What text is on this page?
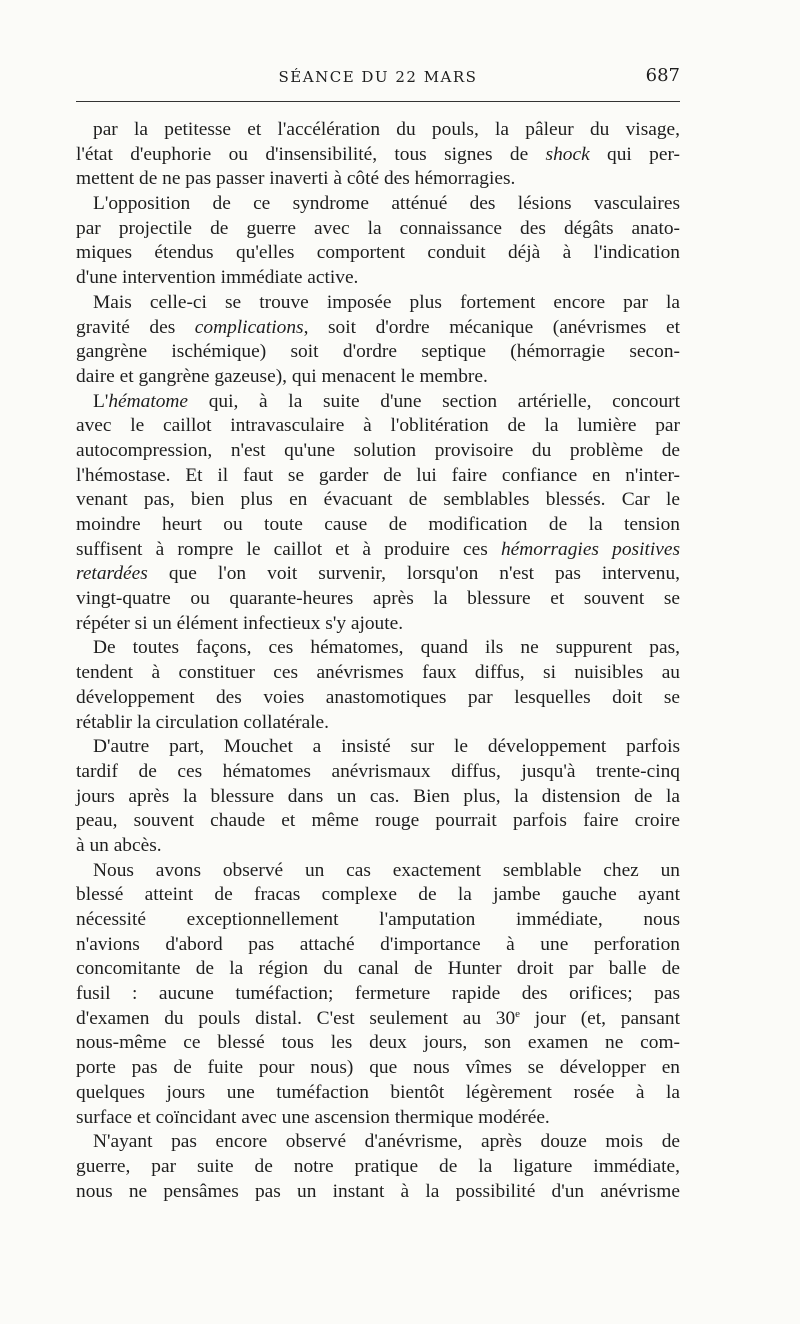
SÉANCE DU 22 MARS	687
par la petitesse et l'accélération du pouls, la pâleur du visage,
l'état d'euphorie ou d'insensibilité, tous signes de shock qui per-
mettent de ne pas passer inaverti à côté des hémorragies.
L'opposition de ce syndrome atténué des lésions vasculaires
par projectile de guerre avec la connaissance des dégâts anato-
miques étendus qu'elles comportent conduit déjà à l'indication
d'une intervention immédiate active.
Mais celle-ci se trouve imposée plus fortement encore par la
gravité des complications, soit d'ordre mécanique (anévrismes et
gangrène ischémique) soit d'ordre septique (hémorragie secon-
daire et gangrène gazeuse), qui menacent le membre.
L'hématome qui, à la suite d'une section artérielle, concourt
avec le caillot intravasculaire à l'oblitération de la lumière par
autocompression, n'est qu'une solution provisoire du problème de
l'hémostase. Et il faut se garder de lui faire confiance en n'inter-
venant pas, bien plus en évacuant de semblables blessés. Car le
moindre heurt ou toute cause de modification de la tension
suffisent à rompre le caillot et à produire ces hémorragies positives
retardées que l'on voit survenir, lorsqu'on n'est pas intervenu,
vingt-quatre ou quarante-heures après la blessure et souvent se
répéter si un élément infectieux s'y ajoute.
De toutes façons, ces hématomes, quand ils ne suppurent pas,
tendent à constituer ces anévrismes faux diffus, si nuisibles au
développement des voies anastomotiques par lesquelles doit se
rétablir la circulation collatérale.
D'autre part, Mouchet a insisté sur le développement parfois
tardif de ces hématomes anévrismaux diffus, jusqu'à trente-cinq
jours après la blessure dans un cas. Bien plus, la distension de la
peau, souvent chaude et même rouge pourrait parfois faire croire
à un abcès.
Nous avons observé un cas exactement semblable chez un
blessé atteint de fracas complexe de la jambe gauche ayant
nécessité exceptionnellement l'amputation immédiate, nous
n'avions d'abord pas attaché d'importance à une perforation
concomitante de la région du canal de Hunter droit par balle de
fusil : aucune tuméfaction; fermeture rapide des orifices; pas
d'examen du pouls distal. C'est seulement au 30e jour (et, pansant
nous-même ce blessé tous les deux jours, son examen ne com-
porte pas de fuite pour nous) que nous vîmes se développer en
quelques jours une tuméfaction bientôt légèrement rosée à la
surface et coïncidant avec une ascension thermique modérée.
N'ayant pas encore observé d'anévrisme, après douze mois de
guerre, par suite de notre pratique de la ligature immédiate,
nous ne pensâmes pas un instant à la possibilité d'un anévrisme
